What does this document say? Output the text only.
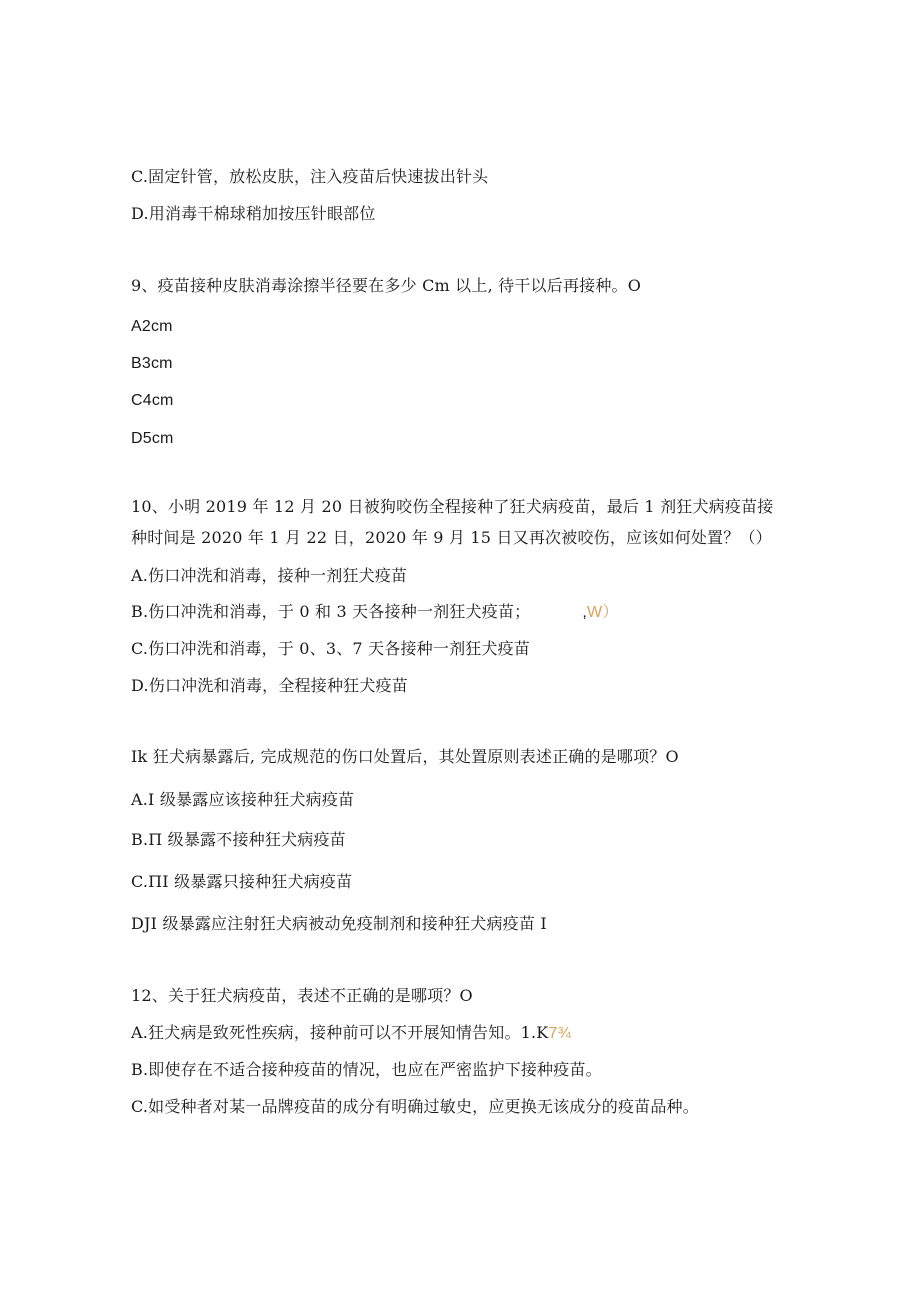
C.固定针管，放松皮肤，注入疫苗后快速拔出针头
D.用消毒干棉球稍加按压针眼部位
9、疫苗接种皮肤消毒涂擦半径要在多少 Cm 以上, 待干以后再接种。O
A2cm
B3cm
C4cm
D5cm
10、小明 2019 年 12 月 20 日被狗咬伤全程接种了狂犬病疫苗，最后 1 剂狂犬病疫苗接
种时间是 2020 年 1 月 22 日，2020 年 9 月 15 日又再次被咬伤，应该如何处置？（）
A.伤口冲洗和消毒，接种一剂狂犬疫苗
B.伤口冲洗和消毒，于 0 和 3 天各接种一剂狂犬疫苗；	,W）
C.伤口冲洗和消毒，于 0、3、7 天各接种一剂狂犬疫苗
D.伤口冲洗和消毒，全程接种狂犬疫苗
Ik 狂犬病暴露后, 完成规范的伤口处置后，其处置原则表述正确的是哪项？O
A.I 级暴露应该接种狂犬病疫苗
B.П 级暴露不接种狂犬病疫苗
C.ПI 级暴露只接种狂犬病疫苗
DJI 级暴露应注射狂犬病被动免疫制剂和接种狂犬病疫苗 I
12、关于狂犬病疫苗，表述不正确的是哪项？O
A.狂犬病是致死性疾病，接种前可以不开展知情告知。1.K7¾
B.即使存在不适合接种疫苗的情况，也应在严密监护下接种疫苗。
C.如受种者对某一品牌疫苗的成分有明确过敏史，应更换无该成分的疫苗品种。
